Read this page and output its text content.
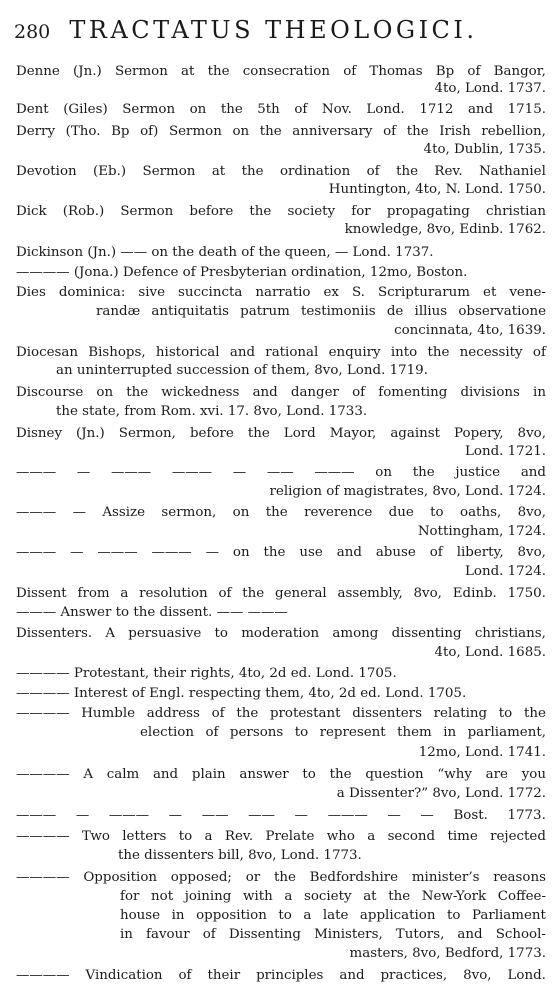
280 TRACTATUS THEOLOGICI.
Denne (Jn.) Sermon at the consecration of Thomas Bp of Bangor,
4to, Lond. 1737.
Dent (Giles) Sermon on the 5th of Nov. Lond. 1712 and 1715.
Derry (Tho. Bp of) Sermon on the anniversary of the Irish rebellion,
4to, Dublin, 1735.
Devotion (Eb.) Sermon at the ordination of the Rev. Nathaniel
Huntington, 4to, N. Lond. 1750.
Dick (Rob.) Sermon before the society for propagating christian
knowledge, 8vo, Edinb. 1762.
Dickinson (Jn.) —— on the death of the queen, — Lond. 1737.
———— (Jona.) Defence of Presbyterian ordination, 12mo, Boston.
Dies dominica: sive succincta narratio ex S. Scripturarum et vene-
randæ antiquitatis patrum testimoniis de illius observatione
concinnata, 4to, 1639.
Diocesan Bishops, historical and rational enquiry into the necessity of
an uninterrupted succession of them, 8vo, Lond. 1719.
Discourse on the wickedness and danger of fomenting divisions in
the state, from Rom. xvi. 17. 8vo, Lond. 1733.
Disney (Jn.) Sermon, before the Lord Mayor, against Popery, 8vo,
Lond. 1721.
——— — ——— ——— — —— ——— on the justice and
religion of magistrates, 8vo, Lond. 1724.
——— — Assize sermon, on the reverence due to oaths, 8vo,
Nottingham, 1724.
——— — ——— ——— — on the use and abuse of liberty, 8vo,
Lond. 1724.
Dissent from a resolution of the general assembly, 8vo, Edinb. 1750.
——— Answer to the dissent. —— ———
Dissenters. A persuasive to moderation among dissenting christians,
4to, Lond. 1685.
———— Protestant, their rights, 4to, 2d ed. Lond. 1705.
———— Interest of Engl. respecting them, 4to, 2d ed. Lond. 1705.
———— Humble address of the protestant dissenters relating to the
election of persons to represent them in parliament,
12mo, Lond. 1741.
———— A calm and plain answer to the question “why are you
a Dissenter?” 8vo, Lond. 1772.
——— — ——— — —— —— — ——— — — Bost. 1773.
———— Two letters to a Rev. Prelate who a second time rejected
the dissenters bill, 8vo, Lond. 1773.
———— Opposition opposed; or the Bedfordshire minister’s reasons
for not joining with a society at the New-York Coffee-
house in opposition to a late application to Parliament
in favour of Dissenting Ministers, Tutors, and School-
masters, 8vo, Bedford, 1773.
———— Vindication of their principles and practices, 8vo, Lond.
